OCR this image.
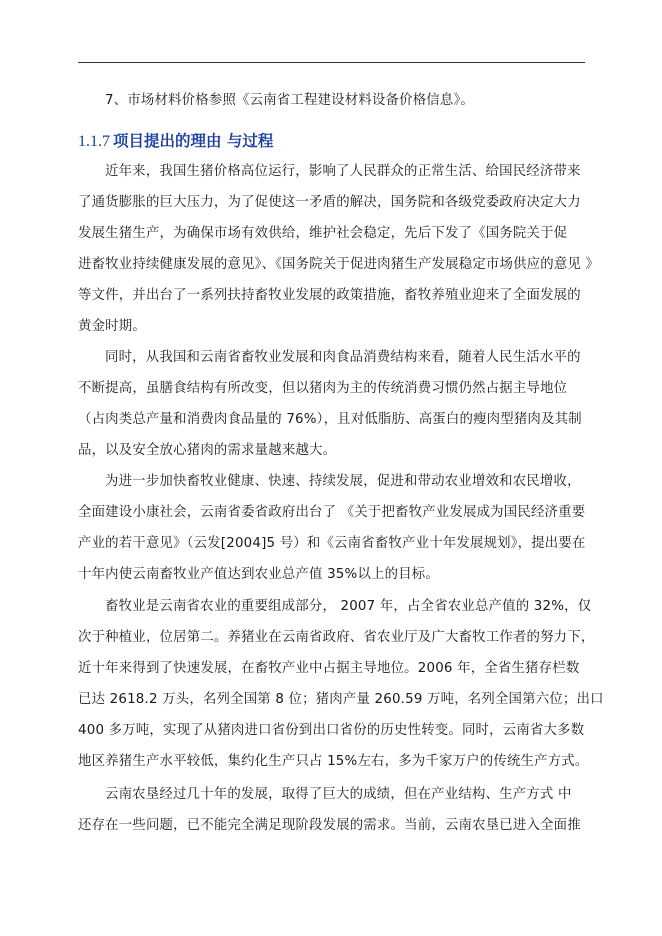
7、市场材料价格参照《云南省工程建设材料设备价格信息》。
1.1.7 项目提出的理由 与过程
近年来，我国生猪价格高位运行，影响了人民群众的正常生活、给国民经济带来
了通货膨胀的巨大压力，为了促使这一矛盾的解决，国务院和各级党委政府决定大力
发展生猪生产，为确保市场有效供给，维护社会稳定，先后下发了《国务院关于促
进畜牧业持续健康发展的意见》、《国务院关于促进肉猪生产发展稳定市场供应的意见 》
等文件，并出台了一系列扶持畜牧业发展的政策措施，畜牧养殖业迎来了全面发展的
黄金时期。
同时，从我国和云南省畜牧业发展和肉食品消费结构来看，随着人民生活水平的
不断提高，虽膳食结构有所改变，但以猪肉为主的传统消费习惯仍然占据主导地位
（占肉类总产量和消费肉食品量的 76%），且对低脂肪、高蛋白的瘦肉型猪肉及其制
品，以及安全放心猪肉的需求量越来越大。
为进一步加快畜牧业健康、快速、持续发展，促进和带动农业增效和农民增收，
全面建设小康社会，云南省委省政府出台了 《关于把畜牧产业发展成为国民经济重要
产业的若干意见》（云发[2004]5 号）和《云南省畜牧产业十年发展规划》，提出要在
十年内使云南畜牧业产值达到农业总产值 35%以上的目标。
畜牧业是云南省农业的重要组成部分， 2007 年，占全省农业总产值的 32%，仅
次于种植业，位居第二。养猪业在云南省政府、省农业厅及广大畜牧工作者的努力下，
近十年来得到了快速发展，在畜牧产业中占据主导地位。2006 年，全省生猪存栏数
已达 2618.2 万头，名列全国第 8 位；猪肉产量 260.59 万吨，名列全国第六位；出口
400 多万吨，实现了从猪肉进口省份到出口省份的历史性转变。同时，云南省大多数
地区养猪生产水平较低，集约化生产只占 15%左右，多为千家万户的传统生产方式。
云南农垦经过几十年的发展，取得了巨大的成绩，但在产业结构、生产方式 中
还存在一些问题，已不能完全满足现阶段发展的需求。当前，云南农垦已进入全面推
